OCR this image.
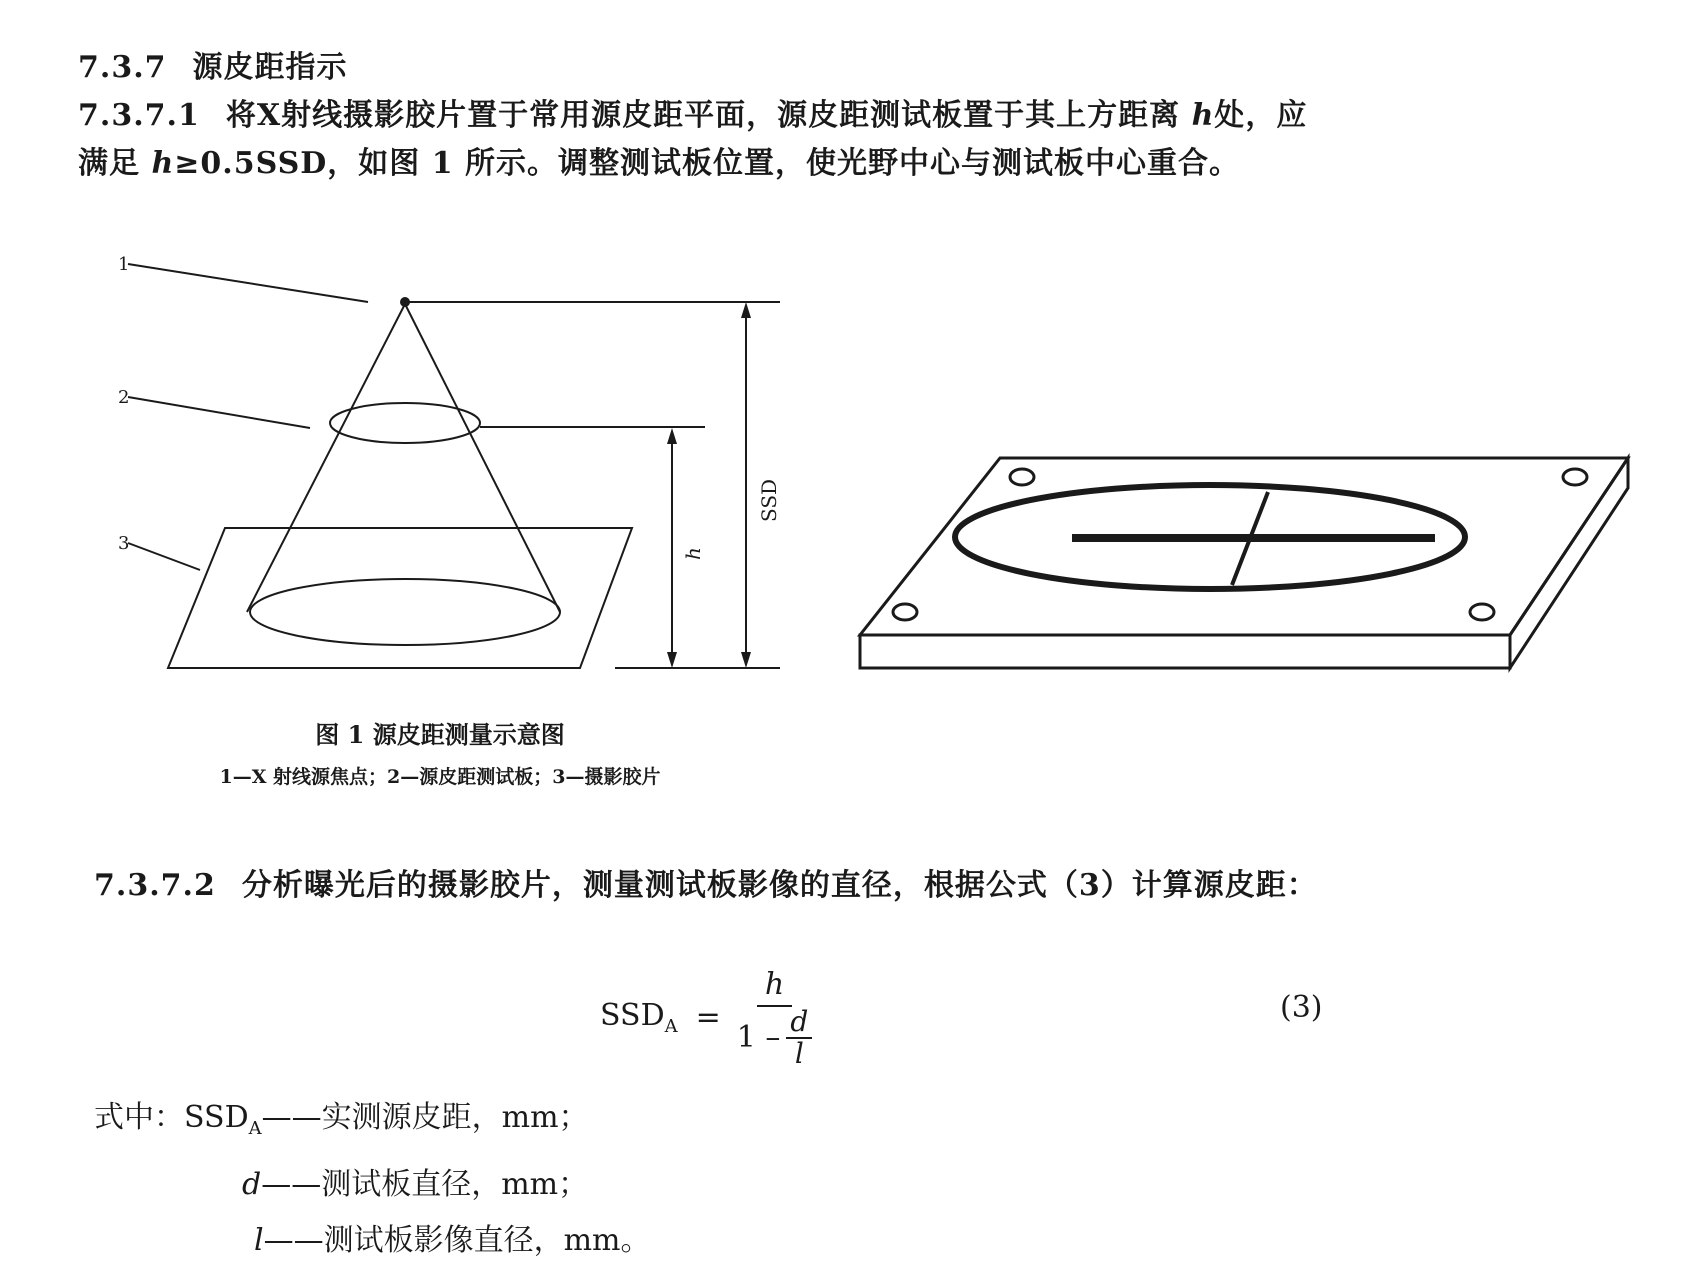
7.3.7 源皮距指示
7.3.7.1 将X射线摄影胶片置于常用源皮距平面，源皮距测试板置于其上方距离 h处，应满足 h≥0.5SSD，如图 1 所示。调整测试板位置，使光野中心与测试板中心重合。
1
2
3	h
SSD
图 1 源皮距测量示意图
1—X 射线源焦点；2—源皮距测试板；3—摄影胶片
7.3.7.2 分析曝光后的摄影胶片，测量测试板影像的直径，根据公式（3）计算源皮距：
$SSD_A = \frac{h}{1 - \frac{d}{l}}$	(3)
式中：$SSD_A——$实测源皮距，mm；
d——测试板直径，mm；
l——测试板影像直径，mm。
